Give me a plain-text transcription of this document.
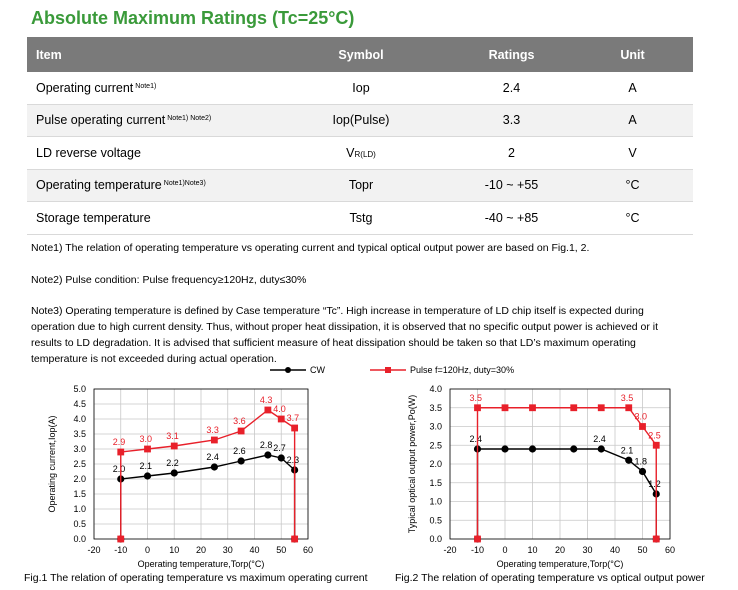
Absolute Maximum Ratings (Tc=25°C)
Item	Symbol	Ratings	Unit
Operating current $^{Note1)}$	Iop	2.4	A
Pulse operating current $^{Note1) Note2)}$	Iop(Pulse)	3.3	A
LD reverse voltage	VR(LD)	2	V
Operating temperature $^{Note1)Note3)}$	Topr	-10 ~ +55	°C
Storage temperature	Tstg	-40 ~ +85	°C
Note1) The relation of operating temperature vs operating current and typical optical output power are based on Fig.1, 2.
Note2) Pulse condition: Pulse frequency≥120Hz, duty≤30%
Note3) Operating temperature is defined by Case temperature “Tc”. High increase in temperature of LD chip itself is expected during operation due to high current density. Thus, without proper heat dissipation, it is observed that no specific output power is achieved or it results to LD degradation. It is advised that sufficient measure of heat dissipation should be taken so that LD’s maximum operating temperature is not exceeded during actual operation.
CW	Pulse f=120Hz, duty=30%
0.0
0.5
1.0
1.5
2.0
2.5
3.0
3.5
4.0
4.5
5.0
-20 -10 0 10 20 30 40 50 60
Operating temperature,Torp(°C)
Operating current,Iop(A)	2.0 2.1 2.2
2.4
2.6
2.8 2.7
2.3
2.9 3.0 3.1
3.3
3.6
4.3
4.0
3.7
0.0
0.5
1.0
1.5
2.0
2.5
3.0
3.5
4.0
-20 -10 0 10 20 30 40 50 60
Operating temperature,Torp(°C)
Typical optical output power,Po(W)	2.4	2.4
2.1
1.8
1.2
3.5	3.5
3.0
2.5
Fig.1 The relation of operating temperature vs maximum operating current	Fig.2 The relation of operating temperature vs optical output power
